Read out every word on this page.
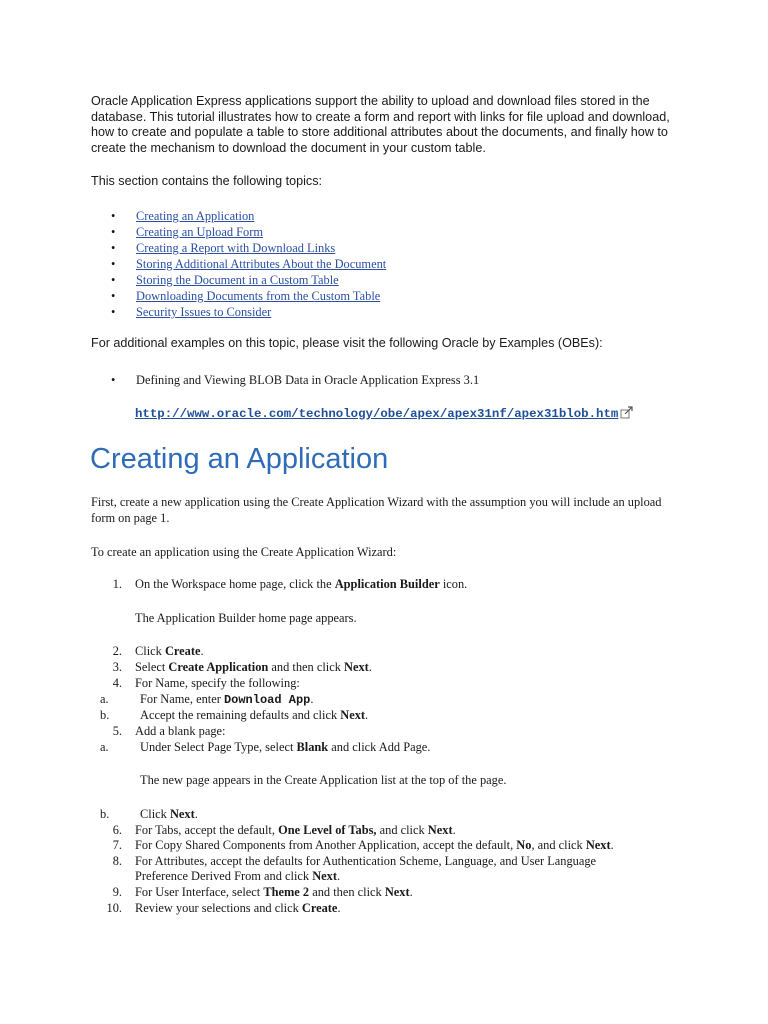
Oracle Application Express applications support the ability to upload and download files stored in the database. This tutorial illustrates how to create a form and report with links for file upload and download, how to create and populate a table to store additional attributes about the documents, and finally how to create the mechanism to download the document in your custom table.

This section contains the following topics:

• Creating an Application
• Creating an Upload Form
• Creating a Report with Download Links
• Storing Additional Attributes About the Document
• Storing the Document in a Custom Table
• Downloading Documents from the Custom Table
• Security Issues to Consider

For additional examples on this topic, please visit the following Oracle by Examples (OBEs):

• Defining and Viewing BLOB Data in Oracle Application Express 3.1
http://www.oracle.com/technology/obe/apex/apex31nf/apex31blob.htm
Creating an Application

First, create a new application using the Create Application Wizard with the assumption you will include an upload form on page 1.

To create an application using the Create Application Wizard:

1. On the Workspace home page, click the Application Builder icon.
The Application Builder home page appears.
2. Click Create.
3. Select Create Application and then click Next.
4. For Name, specify the following:
a.	For Name, enter Download App.
b.	Accept the remaining defaults and click Next.
5. Add a blank page:
a.	Under Select Page Type, select Blank and click Add Page.
The new page appears in the Create Application list at the top of the page.
b.	Click Next.
6. For Tabs, accept the default, One Level of Tabs, and click Next.
7. For Copy Shared Components from Another Application, accept the default, No, and click Next.
8. For Attributes, accept the defaults for Authentication Scheme, Language, and User Language
Preference Derived From and click Next.
9. For User Interface, select Theme 2 and then click Next.
10. Review your selections and click Create.
